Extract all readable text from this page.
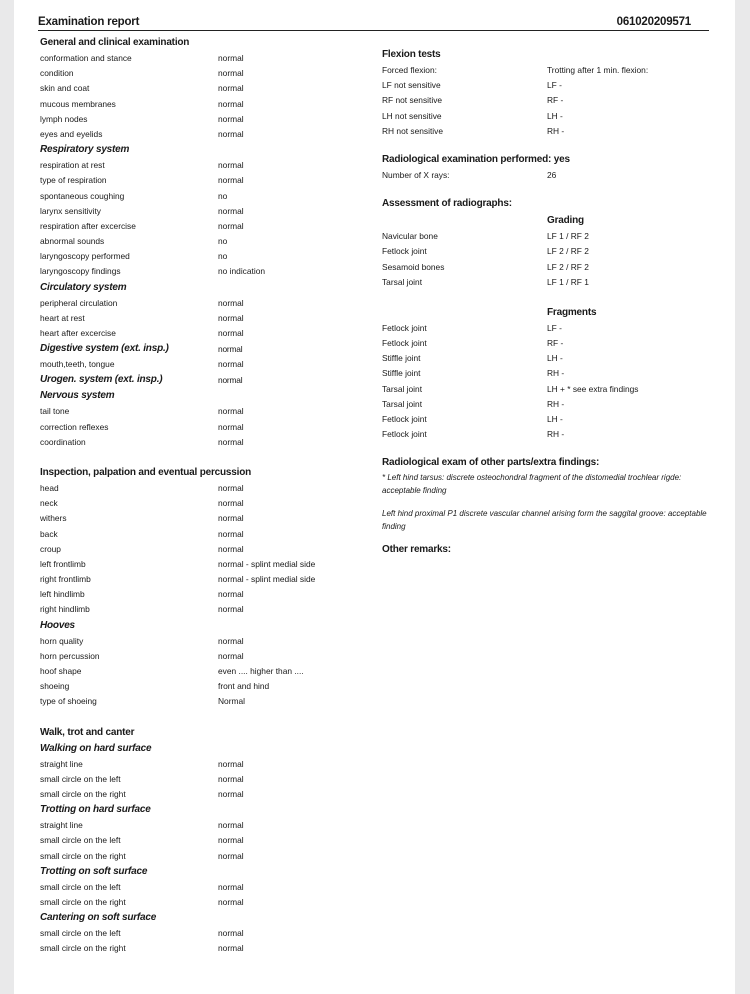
Examination report	061020209571
General and clinical examination
conformation and stance	normal
condition	normal
skin and coat	normal
mucous membranes	normal
lymph nodes	normal
eyes and eyelids	normal
Respiratory system
respiration at rest	normal
type of respiration	normal
spontaneous coughing	no
larynx sensitivity	normal
respiration after excercise	normal
abnormal sounds	no
laryngoscopy performed	no
laryngoscopy findings	no indication
Circulatory system
peripheral circulation	normal
heart at rest	normal
heart after excercise	normal
Digestive system (ext. insp.)	normal
mouth,teeth, tongue	normal
Urogen. system (ext. insp.)	normal
Nervous system
tail tone	normal
correction reflexes	normal
coordination	normal
Inspection, palpation and eventual percussion
head	normal
neck	normal
withers	normal
back	normal
croup	normal
left frontlimb	normal - splint medial side
right frontlimb	normal - splint medial side
left hindlimb	normal
right hindlimb	normal
Hooves
horn quality	normal
horn percussion	normal
hoof shape	even .... higher than ....
shoeing	front and hind
type of shoeing	Normal
Walk, trot and canter
Walking on hard surface
straight line	normal
small circle on the left	normal
small circle on the right	normal
Trotting on hard surface
straight line	normal
small circle on the left	normal
small circle on the right	normal
Trotting on soft surface
small circle on the left	normal
small circle on the right	normal
Cantering on soft surface
small circle on the left	normal
small circle on the right	normal
Flexion tests
Forced flexion:	Trotting after 1 min. flexion:
LF not sensitive	LF -
RF not sensitive	RF -
LH not sensitive	LH -
RH not sensitive	RH -
Radiological examination performed: yes
Number of X rays:	26
Assessment of radiographs:
Grading
Navicular bone	LF 1 / RF 2
Fetlock joint	LF 2 / RF 2
Sesamoid bones	LF 2 / RF 2
Tarsal joint	LF 1 / RF 1
Fragments
Fetlock joint	LF -
Fetlock joint	RF -
Stiffle joint	LH -
Stiffle joint	RH -
Tarsal joint	LH + * see extra findings
Tarsal joint	RH -
Fetlock joint	LH -
Fetlock joint	RH -
Radiological exam of other parts/extra findings:
* Left hind tarsus: discrete osteochondral fragment of the distomedial trochlear rigde: acceptable finding
Left hind proximal P1 discrete vascular channel arising form the saggital groove: acceptable finding
Other remarks:
